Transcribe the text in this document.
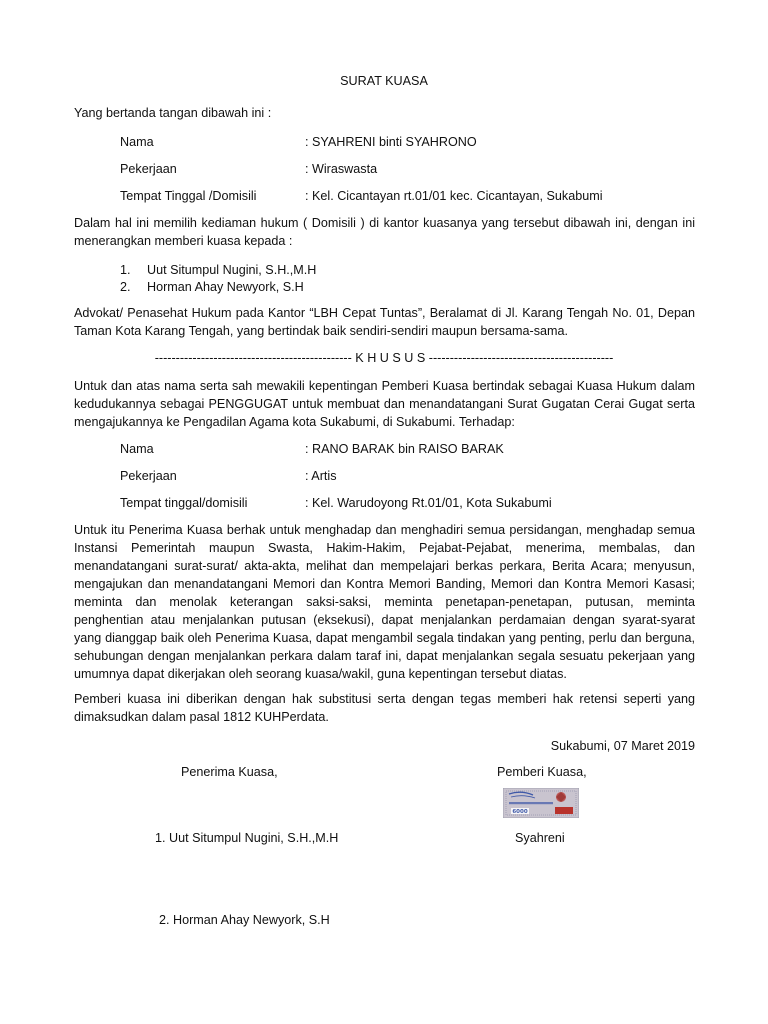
SURAT KUASA
Yang bertanda tangan dibawah ini :
Nama	: SYAHRENI binti SYAHRONO
Pekerjaan	: Wiraswasta
Tempat Tinggal /Domisili	: Kel. Cicantayan rt.01/01 kec. Cicantayan, Sukabumi
Dalam hal ini memilih kediaman hukum ( Domisili ) di kantor kuasanya yang tersebut dibawah ini, dengan ini
menerangkan memberi kuasa kepada :
1. Uut Situmpul Nugini, S.H.,M.H
2. Horman Ahay Newyork, S.H
Advokat/ Penasehat Hukum pada Kantor “LBH Cepat Tuntas”, Beralamat di Jl. Karang Tengah No. 01, Depan
Taman Kota Karang Tengah, yang bertindak baik sendiri-sendiri maupun bersama-sama.
----------------------------------------------- K H U S U S --------------------------------------------
Untuk dan atas nama serta sah mewakili kepentingan Pemberi Kuasa bertindak sebagai Kuasa Hukum dalam
kedudukannya sebagai PENGGUGAT untuk membuat dan menandatangani Surat Gugatan Cerai Gugat serta
mengajukannya ke Pengadilan Agama kota Sukabumi, di Sukabumi. Terhadap:
Nama	: RANO BARAK bin RAISO BARAK
Pekerjaan	: Artis
Tempat tinggal/domisili	: Kel. Warudoyong Rt.01/01, Kota Sukabumi
Untuk itu Penerima Kuasa berhak untuk menghadap dan menghadiri semua persidangan, menghadap semua
Instansi Pemerintah maupun Swasta, Hakim-Hakim, Pejabat-Pejabat, menerima, membalas, dan
menandatangani surat-surat/ akta-akta, melihat dan mempelajari berkas perkara, Berita Acara; menyusun,
mengajukan dan menandatangani Memori dan Kontra Memori Banding, Memori dan Kontra Memori Kasasi;
meminta dan menolak keterangan saksi-saksi, meminta penetapan-penetapan, putusan, meminta
penghentian atau menjalankan putusan (eksekusi), dapat menjalankan perdamaian dengan syarat-syarat
yang dianggap baik oleh Penerima Kuasa, dapat mengambil segala tindakan yang penting, perlu dan berguna,
sehubungan dengan menjalankan perkara dalam taraf ini, dapat menjalankan segala sesuatu pekerjaan yang
umumnya dapat dikerjakan oleh seorang kuasa/wakil, guna kepentingan tersebut diatas.
Pemberi kuasa ini diberikan dengan hak substitusi serta dengan tegas memberi hak retensi seperti yang
dimaksudkan dalam pasal 1812 KUHPerdata.
Sukabumi, 07 Maret 2019
Penerima Kuasa,	Pemberi Kuasa,
6000
1. Uut Situmpul Nugini, S.H.,M.H	Syahreni
2. Horman Ahay Newyork, S.H
